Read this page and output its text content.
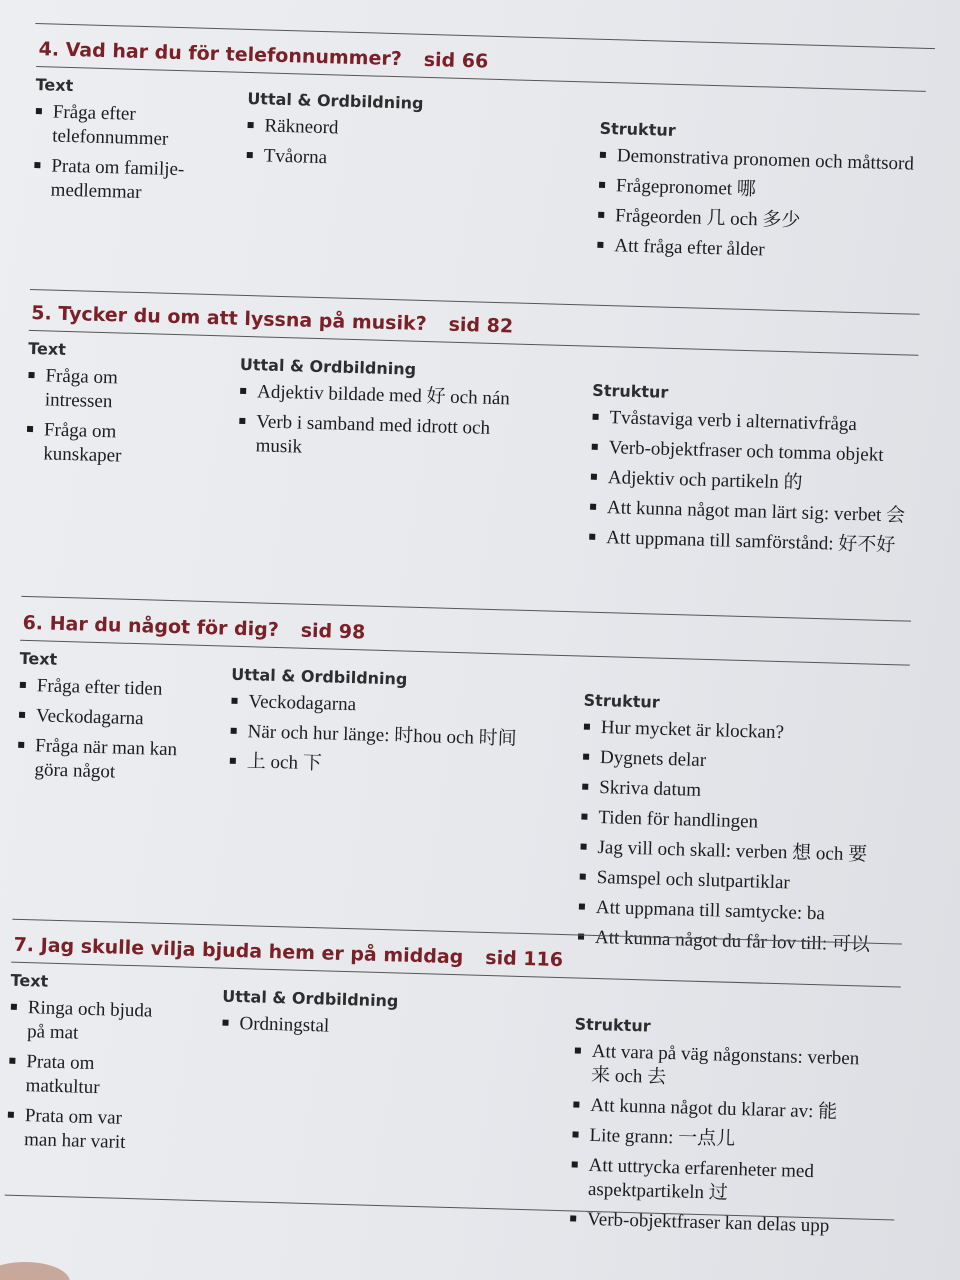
4. Vad har du för telefonnummer? sid 66
Text
Fråga efter telefonnummer
Prata om familje-medlemmar
Uttal & Ordbildning
Räkneord
Tvåorna
Struktur
Demonstrativa pronomen och måttsord
Frågepronomet 哪
Frågeorden 几 och 多少
Att fråga efter ålder
5. Tycker du om att lyssna på musik? sid 82
Text
Fråga om intressen
Fråga om kunskaper
Uttal & Ordbildning
Adjektiv bildade med 好 och nán
Verb i samband med idrott och musik
Struktur
Tvåstaviga verb i alternativfråga
Verb-objektfraser och tomma objekt
Adjektiv och partikeln 的
Att kunna något man lärt sig: verbet 会
Att uppmana till samförstånd: 好不好
6. Har du något för dig? sid 98
Text
Fråga efter tiden
Veckodagarna
Fråga när man kan göra något
Uttal & Ordbildning
Veckodagarna
När och hur länge: 时hou och 时间
上 och 下
Struktur
Hur mycket är klockan?
Dygnets delar
Skriva datum
Tiden för handlingen
Jag vill och skall: verben 想 och 要
Samspel och slutpartiklar
Att uppmana till samtycke: ba
Att kunna något du får lov till: 可以
7. Jag skulle vilja bjuda hem er på middag sid 116
Text
Ringa och bjuda på mat
Prata om matkultur
Prata om var man har varit
Uttal & Ordbildning
Ordningstal	Struktur
Att vara på väg någonstans: verben 来 och 去
Att kunna något du klarar av: 能
Lite grann: 一点儿
Att uttrycka erfarenheter med aspektpartikeln 过
Verb-objektfraser kan delas upp
